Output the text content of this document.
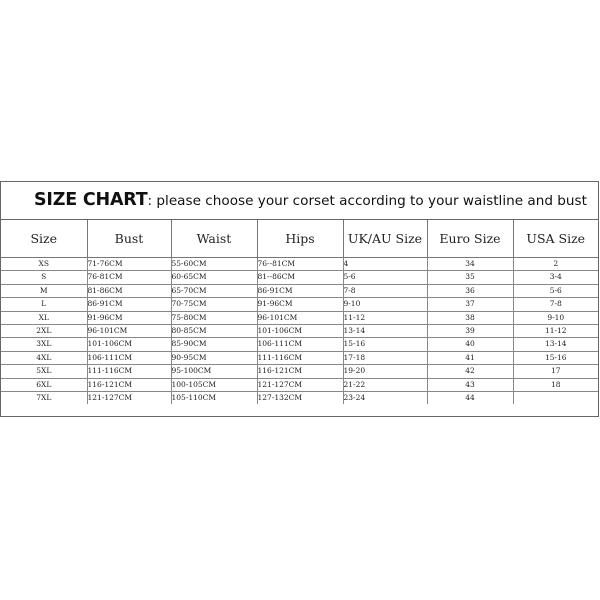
SIZE CHART: please choose your corset according to your waistline and bust
Size	Bust	Waist	Hips	UK/AU Size	Euro Size	USA Size
XS	71-76CM	55-60CM	76--81CM	4	34	2
S	76-81CM	60-65CM	81--86CM	5-6	35	3-4
M	81-86CM	65-70CM	86-91CM	7-8	36	5-6
L	86-91CM	70-75CM	91-96CM	9-10	37	7-8
XL	91-96CM	75-80CM	96-101CM	11-12	38	9-10
2XL	96-101CM	80-85CM	101-106CM	13-14	39	11-12
3XL	101-106CM	85-90CM	106-111CM	15-16	40	13-14
4XL	106-111CM	90-95CM	111-116CM	17-18	41	15-16
5XL	111-116CM	95-100CM	116-121CM	19-20	42	17
6XL	116-121CM	100-105CM	121-127CM	21-22	43	18
7XL	121-127CM	105-110CM	127-132CM	23-24	44	
